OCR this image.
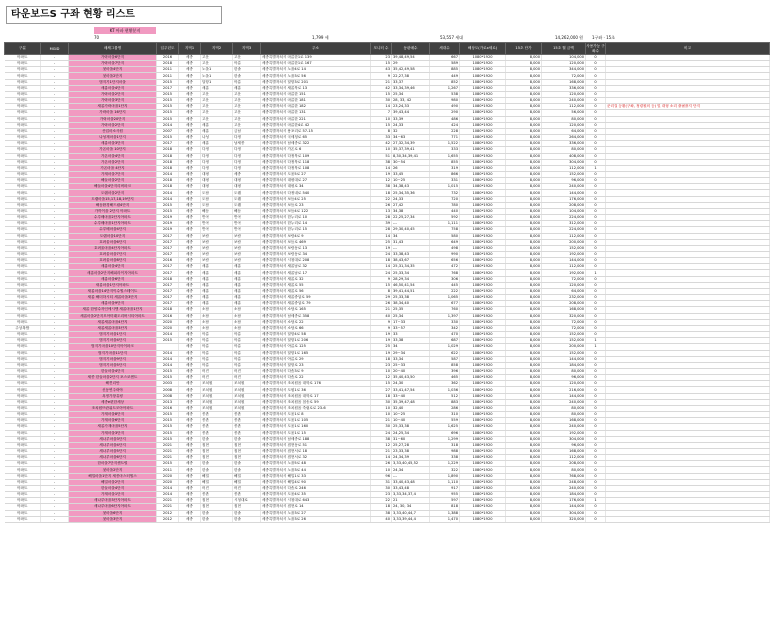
타운보드S 구좌 현황 리스트
KT 아파 현황분지
70	1,799 세	53,557 세대	14,262,000 원 1구좌 · 15초
구분	MGID	매체그룹명	입주년도	지역1	지역2	지역3	주소	모니터 수	동판매수	세대수	해상도(가로x세로)	15초 단가	15초 월 금액	사용가능 구좌수	비고
아파트	-	가락마을6단지	2016	세종	고운	고운	세종특별자치시 마름한1로 139	23	39,48,49,54	667	1080*1920	8,000	104,000	0	
아파트	-	가락마을7단지	2018	세종	고운	아름	세종특별자치시 마름한1로 167	15	29	589	1080*1920	8,000	120,000	0	
아파트	-	첫마을4단지	2011	세종	노을1	한솔	세종특별자치시 노을4로 14	43	35,42,49,58	885	1080*1920	8,000	344,000	0	
아파트	-	첫마을2단지	2011	세종	노을1	한솔	세종특별자치시 노을3로 56	9	22,27,38	449	1080*1920	8,000	72,000	0	
아파트	-	범지기1단지마을	2015	세종	달항1	아름	세종특별자치시 달항3로 201	21	33,37	852	1080*1920	8,000	168,000	0	
아파트	-	새롬마을4단지	2017	세종	새롬	새롬	세종특별자치시 새롬북로 13	42	33,34,39,46	1,267	1080*1920	8,000	336,000	0	
아파트	-	가락마을2단지	2015	세종	고운	고운	세종특별자치시 마름한 151	15	25,34	538	1080*1920	8,000	120,000	0	
아파트	-	가락마을3단지	2015	세종	고운	고운	세종특별자치시 마름한 181	30	28, 33, 42	980	1080*1920	8,000	240,000	0	
아파트	-	새롬가락마을1단지	2015	세종	고운	고운	세종특별자치시 마름한 182	14	23,24,33	490	1080*1920	8,000	112,000	0	준리걸 등황(구좌, 정령원의 등) 및 대형 소리 출필플지 단지
아파트	-	가락마을 16단지	2015	세종	고운	고운	세종특별자치시 마름한 131	7	39,43,44	290	1080*1920	8,000	56,000	0	
아파트	-	가락마을20단지	2015	세종	고운	고운	세종특별자치시 마름한 221	10	33,39	486	1080*1920	8,000	80,000	0	
아파트	-	가락마을2단지	2014	세종	새롬	고운	세종특별자치시 마름한4로 42	15	24,33	424	1080*1920	8,000	120,000	0	
아파트	-	산업마소사원	2007	세종	새롬	금남	세종특별자치시 용포리로 57-15	8	32	228	1080*1920	8,000	64,000	0	
아파트	-	나성재마을1단지	2015	세종	나성	다정	세종특별자치시 국세청로 65	33	34~63	771	1080*1920	8,000	264,000	0	
아파트	-	새롬마을3단지	2017	세종	새롬	남세종	세종특별자치시 남세종로 322	42	27,32,34,39	1,522	1080*1920	8,000	336,000	0	
아파트	-	가온마을 10단지	2018	세종	다정	다정	세종특별자치시 가온로 6	10	35,37,39,41	333	1080*1920	8,000	80,000	0	
아파트	-	가온마을4단지	2018	세종	다정	다정	세종특별자치시 다정북로 109	51	8,30,34,39,41	1,655	1080*1920	8,000	408,000	0	
아파트	-	가온마을2단지	2018	세종	다정	다정	세종특별자치시 다정북로 118	38	30~54	855	1080*1920	8,000	304,000	0	
아파트	-	가온마을 4단지	2018	세종	다정	다정	세종특별자치시 다정북로 108	14	26	319	1080*1920	8,000	112,000	1	
아파트	-	가재마을7단지	2014	세종	대평	세종	세종특별자치시 도움5로 27	19	33,45	866	1080*1920	8,000	152,000	0	
아파트	-	해들마을2단지	2018	세종	대평	대평	세종특별자치시 대평대로 27	12	10~25	331	1080*1920	8,000	96,000	0	
아파트	-	해들마을4단지리버파크	2018	세종	대평	대평	세종특별자치시 대평로 34	38	34,38,43	1,015	1080*1920	8,000	240,000	0	
아파트	-	도램마을2단지	2014	세종	도담	도램	세종특별자치시 다정내로 540	18	25,34,35,36	732	1080*1920	8,000	144,000	0	
아파트	-	도램마을15,17,18,19단지	2014	세종	도담	도램	세종특별자치시 보듬4로 25	22	24,33	720	1080*1920	8,000	176,000	0	
아파트	-	해듬환경해드림4단지	2015	세종	도담	도램	세종특별자치시 보듬로 23	26	27,42	780	1080*1920	8,000	208,000	0	
아파트	-	가까이을 2단지 아파트	2015	세종	해듬	해듬	세종특별자치시 보듬4로 122	13	34,38	440	1080*1920	8,000	104,000	0	
아파트	-	수루배마을2단지아파트	2019	세종	반곡	반곡	세종특별자치시 한누리로 10	28	22,25,27,34	592	1080*1920	8,000	224,000	0	
아파트	-	수루배마을1단지아파트	2019	세종	반곡	반곡	세종특별자치시 한누리로 14	39	---	1,111	1080*1920	8,000	312,000	0	
아파트	-	수루배마을4단지	2019	세종	반곡	반곡	세종특별자치시 한누리로 15	28	29,30,40,45	758	1080*1920	8,000	224,000	0	
아파트	-	도램마을10단지	2017	세종	보람	보람	세종특별자치시 보람4로 9	14	34	580	1080*1920	8,000	112,000	0	
아파트	-	호려울마을6단지	2017	세종	보람	보람	세종특별자치시 보듬로 469	25	31,43	649	1080*1920	8,000	200,000	0	
아파트	-	호려울마을4단지아파트	2017	세종	보람	보람	세종특별자치시 보람동로 13	19	---	498	1080*1920	8,000	152,000	0	
아파트	-	호려울마을7단지	2017	세종	보람	보람	세종특별자치시 보람동로 34	24	33,38,43	990	1080*1920	8,000	192,000	0	
아파트	-	호려울마을8단지	2016	세종	보람	보람	세종특별자치시 시청대로 208	18	38,43,67	656	1080*1920	8,000	144,000	0	
아파트	-	새롬마을4단지	2017	세종	새롬	새롬	세종특별자치시 새롬남로 32	14	25,31,34,35	472	1080*1920	8,000	112,000	0	
아파트	-	새롬마을2단지해피라이지아파트	2017	세종	새롬	새롬	세종특별자치시 새롬남로 17	24	25,33,34	768	1080*1920	8,000	192,000	1	
아파트	-	새롬마을6단지	2018	세종	새롬	새롬	세종특별자치시 새롬로 32	9	28,29,34	306	1080*1920	8,000	72,000	0	
아파트	-	새롬마을1단지아파트	2017	세종	새롬	새롬	세종특별자치시 새롬로 55	15	46,50,41,54	445	1080*1920	8,000	120,000	0	
아파트	-	새롬마을14단지이수힐스테이트	2017	세종	새롬	새롬	세종특별자치시 새롬로 56	8	39,41,44,51	222	1080*1920	8,000	64,000	0	
아파트	-	새롬 해더하시티 새롬마을3단지	2017	세종	새롬	새롬	세종특별자치시 새롬중앙로 59	29	25,33,38	1,065	1080*1920	8,000	232,000	0	
아파트	-	새롬마을9단지	2017	세종	새롬	새롬	세종특별자치시 새롬중앙로 79	26	38,34,40	677	1080*1920	8,000	208,000	0	
아파트	-	새롬 한양수자인에시엔 새롬마을1단지	2018	세종	소담	소담	세종특별자치시 소담로 165	21	25,35	760	1080*1920	8,000	168,000	0	
아파트	-	새롬마을2단지모아미래도리버시티아파트	2016	세종	소담	소담	세종특별자치시 남세종로 358	40	25,34	1,397	1080*1920	8,000	320,000	0	
아파트	-	새롬새롬마을4단지	2020	세종	소담	소담	세종특별자치시 소담로 22	9	17~33	330	1080*1920	8,000	72,000	0	
주상복합	-	새롬새롬마을3단지	2020	세종	소담	소담	세종특별자치시 소담로 66	9	33~57	342	1080*1920	8,000	72,000	0	
아파트	-	범지기마을1단지	2014	세종	아름	아름	세종특별자치시 달항4로 58	19	33	470	1080*1920	8,000	152,000	0	
아파트	-	범지기마을4단지	2015	세종	아름	아름	세종특별자치시 달항1로 206	19	33,38	687	1080*1920	8,000	152,000	1	
아파트	-	범지기마을10단지아이파크		세종	아름	아름	세종특별자치시 아름로 125	25	34	1,029	1080*1920	8,000	200,000	1	
아파트	-	범지기마을11단지	2014	세종	아름	아름	세종특별자치시 달항1로 165	19	29~34	622	1080*1920	8,000	152,000	0	
아파트	-	범지기마을9단지	2014	세종	아름	아름	세종특별자치시 아름로 29	18	33,34	587	1080*1920	8,000	144,000	0	
아파트	-	범지기마을5단지	2014	세종	아름	아름	세종특별자치시 달항로 23	23	25~33	858	1080*1920	8,000	184,000	0	
아파트	-	한들마을4단지	2015	세종	어진	어진	세종특별자치시 다솜3로 9	10	20~40	396	1080*1920	8,000	80,000	0	
아파트	-	세종 한들마을2단지 포스코센트	2015	세종	어진	어진	세종특별자치시 다솜로 22	12	35,40,43,50	465	1080*1920	8,000	96,000	0	
아파트	-	해견리안	2003	세종	조치원	조치원	세종특별자치시 조치원읍 대학로 176	15	24,30	362	1080*1920	8,000	120,000	0	
아파트	-	신동연주락야	2008	세종	조치원	조치원	세종특별자치시 도원1로 36	27	33,41,47,54	1,036	1080*1920	8,000	216,000	0	
아파트	-	욕정가창유평	2008	세종	조치원	조치원	세종특별자치시 조치원읍 대학로 17	18	33~40	512	1080*1920	8,000	144,000	0	
아파트	-	세종e편한세상	2013	세종	조치원	조치원	세종특별자치시 조치원읍 침송로 59	30	35,39,47,48	883	1080*1920	8,000	240,000	0	
아파트	-	조치원뜨란위트모아아파트	2016	세종	조치원	조치원	세종특별자치시 조치원읍 죽림로로 23-6	10	32,40	286	1080*1920	8,000	80,000	0	
아파트	-	가재마을8단지	2015	세종	종촌	종촌	세종특별자치시 도움1로 8	10	10~25	310	1080*1920	8,000	80,000	0	
아파트	-	가재마을6단지	2015	세종	종촌	종촌	세종특별자치시 도움1로 105	21	10~40	559	1080*1920	8,000	168,000	0	
아파트	-	새롬가재마을5단지	2015	세종	종촌	종촌	세종특별자치시 도움1로 160	30	25,33,38	1,625	1080*1920	8,000	240,000	0	
아파트	-	가재마을3단지	2015	세종	종촌	종촌	세종특별자치시 도움1로 15	24	24,25,34	696	1080*1920	8,000	192,000	0	
아파트	-	새나루마을3단지	2015	세종	한솔	한솔	세종특별자치시 남세종로 188	38	31~60	1,299	1080*1920	8,000	304,000	0	
아파트	-	새나루마을4단지	2021	세종	집현	집현	세종특별자치시 집현동로 51	12	25,27,28	318	1080*1920	8,000	96,000	0	
아파트	-	새나루마을5단지	2021	세종	집현	집현	세종특별자치시 집현서로 18	21	23,33,38	988	1080*1920	8,000	168,000	0	
아파트	-	새나루마을6단지	2021	세종	집현	집현	세종특별자치시 집현서로 32	14	24,34,39	338	1080*1920	8,000	112,000	0	
아파트	-	한마을7단지센트럴	2015	세종	한솔	한솔	세종특별자치시 노을5로 48	26	3,33,40,45,52	1,229	1080*1920	8,000	208,000	0	
아파트	-	첫마을2단지	2011	세종	한솔	한솔	세종특별자치시 노을3로 44	10	24,34	322	1080*1920	8,000	80,000	0	
아파트	-	해밀마을1단지 세종마스터힐스	2020	세종	해밀	해밀	세종특별자치시 해밀1로 33	96	---	1,890	1080*1920	8,000	768,000	0	
아파트	-	해밀마을2단지	2020	세종	해밀	해밀	세종특별자치시 해밀4로 90	31	33,40,43,48	1,110	1080*1920	8,000	248,000	0	
아파트	-	한들마을4단지	2014	세종	어진	어진	세종특별자치시 다솜로 246	30	33,43,48	917	1080*1920	8,000	240,000	0	
아파트	-	가재마을1단지	2014	세종	종촌	종촌	세종특별자치시 도움4로 35	23	3,33,34,37,4	955	1080*1920	8,000	184,000	0	
아파트	-	새나루마을3단지아파트	2021	세종	집현	시청대로	세종특별자치시 시청대로 643	22	21	597	1080*1920	8,000	176,000	1	
아파트	-	새나루마을6단지아파트	2021	세종	집현	집현	세종특별자치시 집현로 14	18	24, 30, 34	818	1080*1920	8,000	144,000	0	
아파트	-	첫마을6단지	2012	세종	한솔	한솔	세종특별자치시 노을3로 27	38	3,33,40,44,7	1,388	1080*1920	8,000	304,000	0	
아파트	-	첫마을3단지	2012	세종	한솔	한솔	세종특별자치시 노을3로 26	40	3,33,39,44,4	1,470	1080*1920	8,000	320,000	0	
